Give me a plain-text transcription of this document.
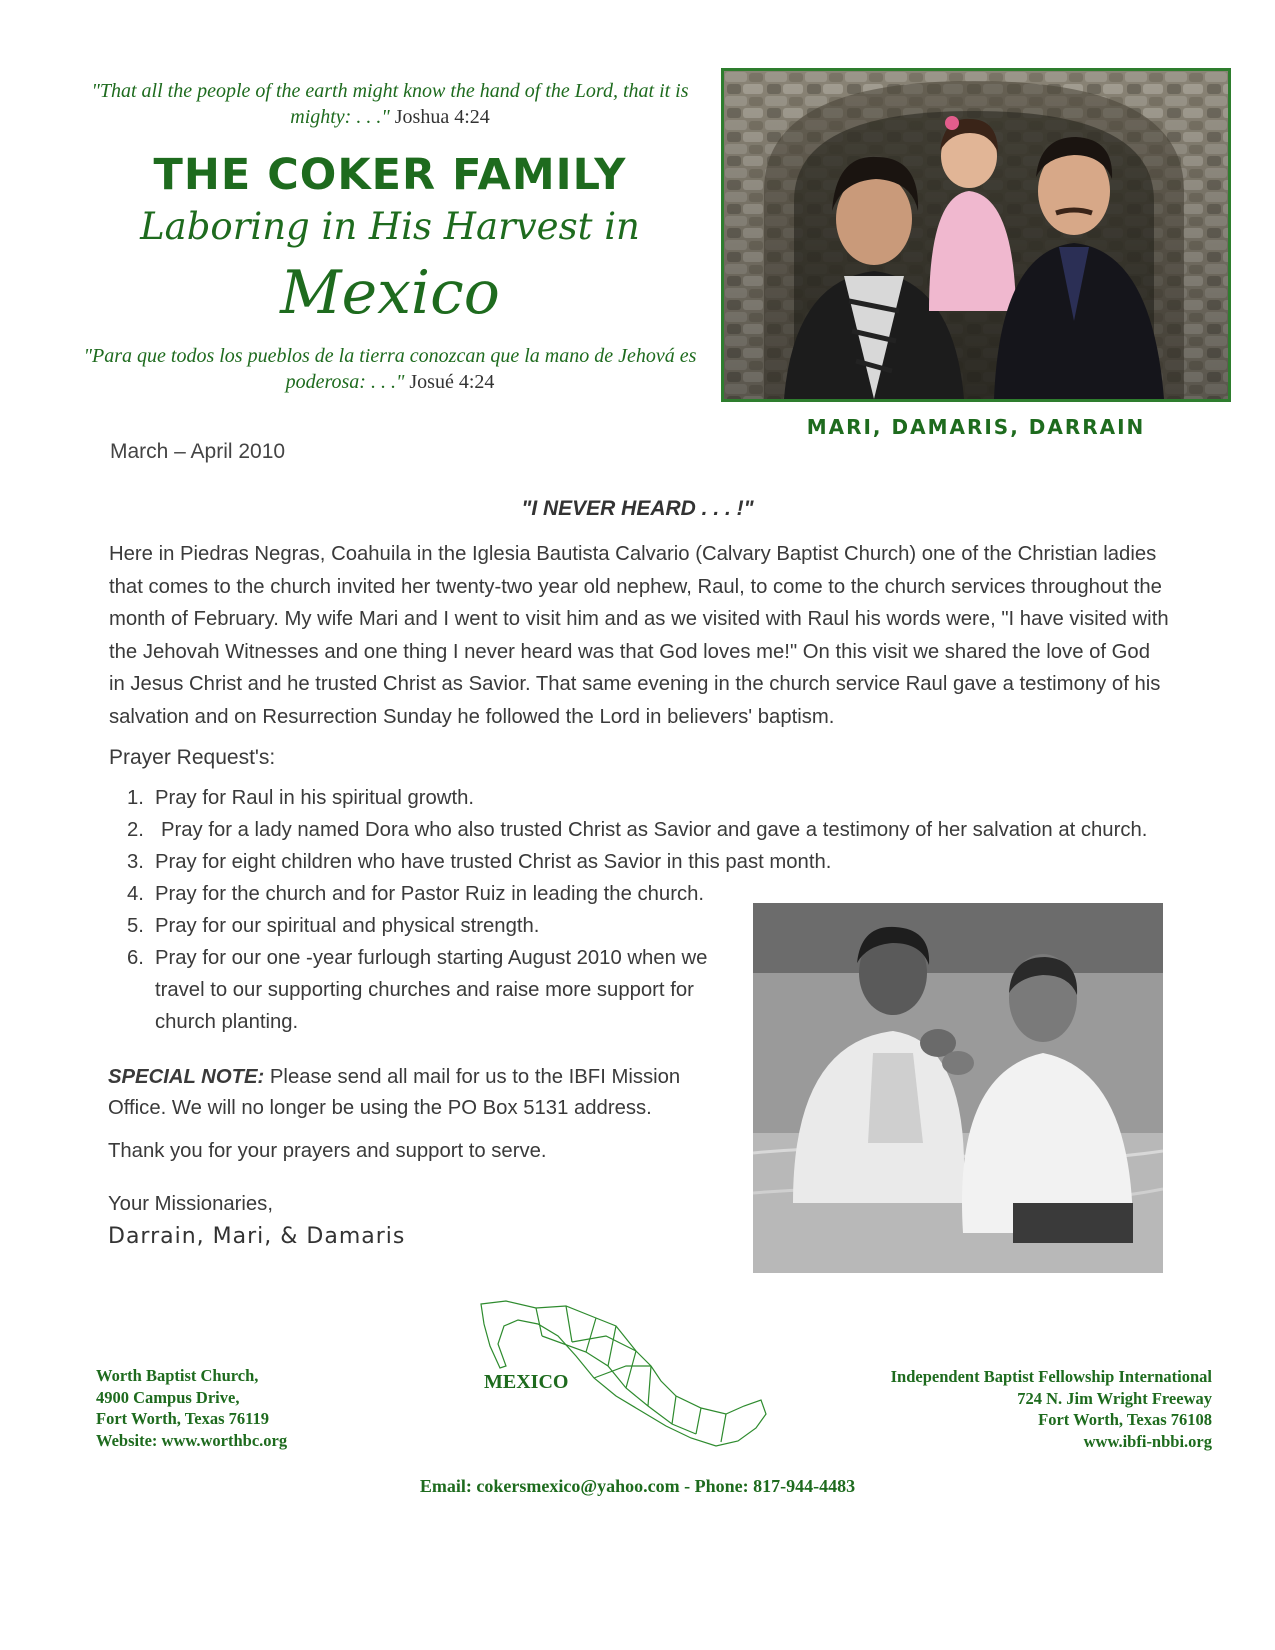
"That all the people of the earth might know the hand of the Lord, that it is mighty: . . ." Joshua 4:24
THE COKER FAMILY
Laboring in His Harvest in
Mexico
"Para que todos los pueblos de la tierra conozcan que la mano de Jehová es poderosa: . . ." Josué 4:24
MARI, DAMARIS, DARRAIN
March – April 2010
"I NEVER HEARD . . . !"

Here in Piedras Negras, Coahuila in the Iglesia Bautista Calvario (Calvary Baptist Church) one of the Christian ladies that comes to the church invited her twenty-two year old nephew, Raul, to come to the church services throughout the month of February. My wife Mari and I went to visit him and as we visited with Raul his words were, "I have visited with the Jehovah Witnesses and one thing I never heard was that God loves me!" On this visit we shared the love of God in Jesus Christ and he trusted Christ as Savior. That same evening in the church service Raul gave a testimony of his salvation and on Resurrection Sunday he followed the Lord in believers' baptism.

Prayer Request's:
1. Pray for Raul in his spiritual growth.
2. Pray for a lady named Dora who also trusted Christ as Savior and gave a testimony of her salvation at church.
3. Pray for eight children who have trusted Christ as Savior in this past month.
4. Pray for the church and for Pastor Ruiz in leading the church.
5. Pray for our spiritual and physical strength.
6. Pray for our one -year furlough starting August 2010 when we travel to our supporting churches and raise more support for church planting.

SPECIAL NOTE: Please send all mail for us to the IBFI Mission Office. We will no longer be using the PO Box 5131 address.

Thank you for your prayers and support to serve.
Your Missionaries,
Darrain, Mari, & Damaris
Worth Baptist Church,
4900 Campus Drive,
Fort Worth, Texas 76119
Website: www.worthbc.org
MEXICO	Independent Baptist Fellowship International
724 N. Jim Wright Freeway
Fort Worth, Texas 76108
www.ibfi-nbbi.org
Email: cokersmexico@yahoo.com - Phone: 817-944-4483
